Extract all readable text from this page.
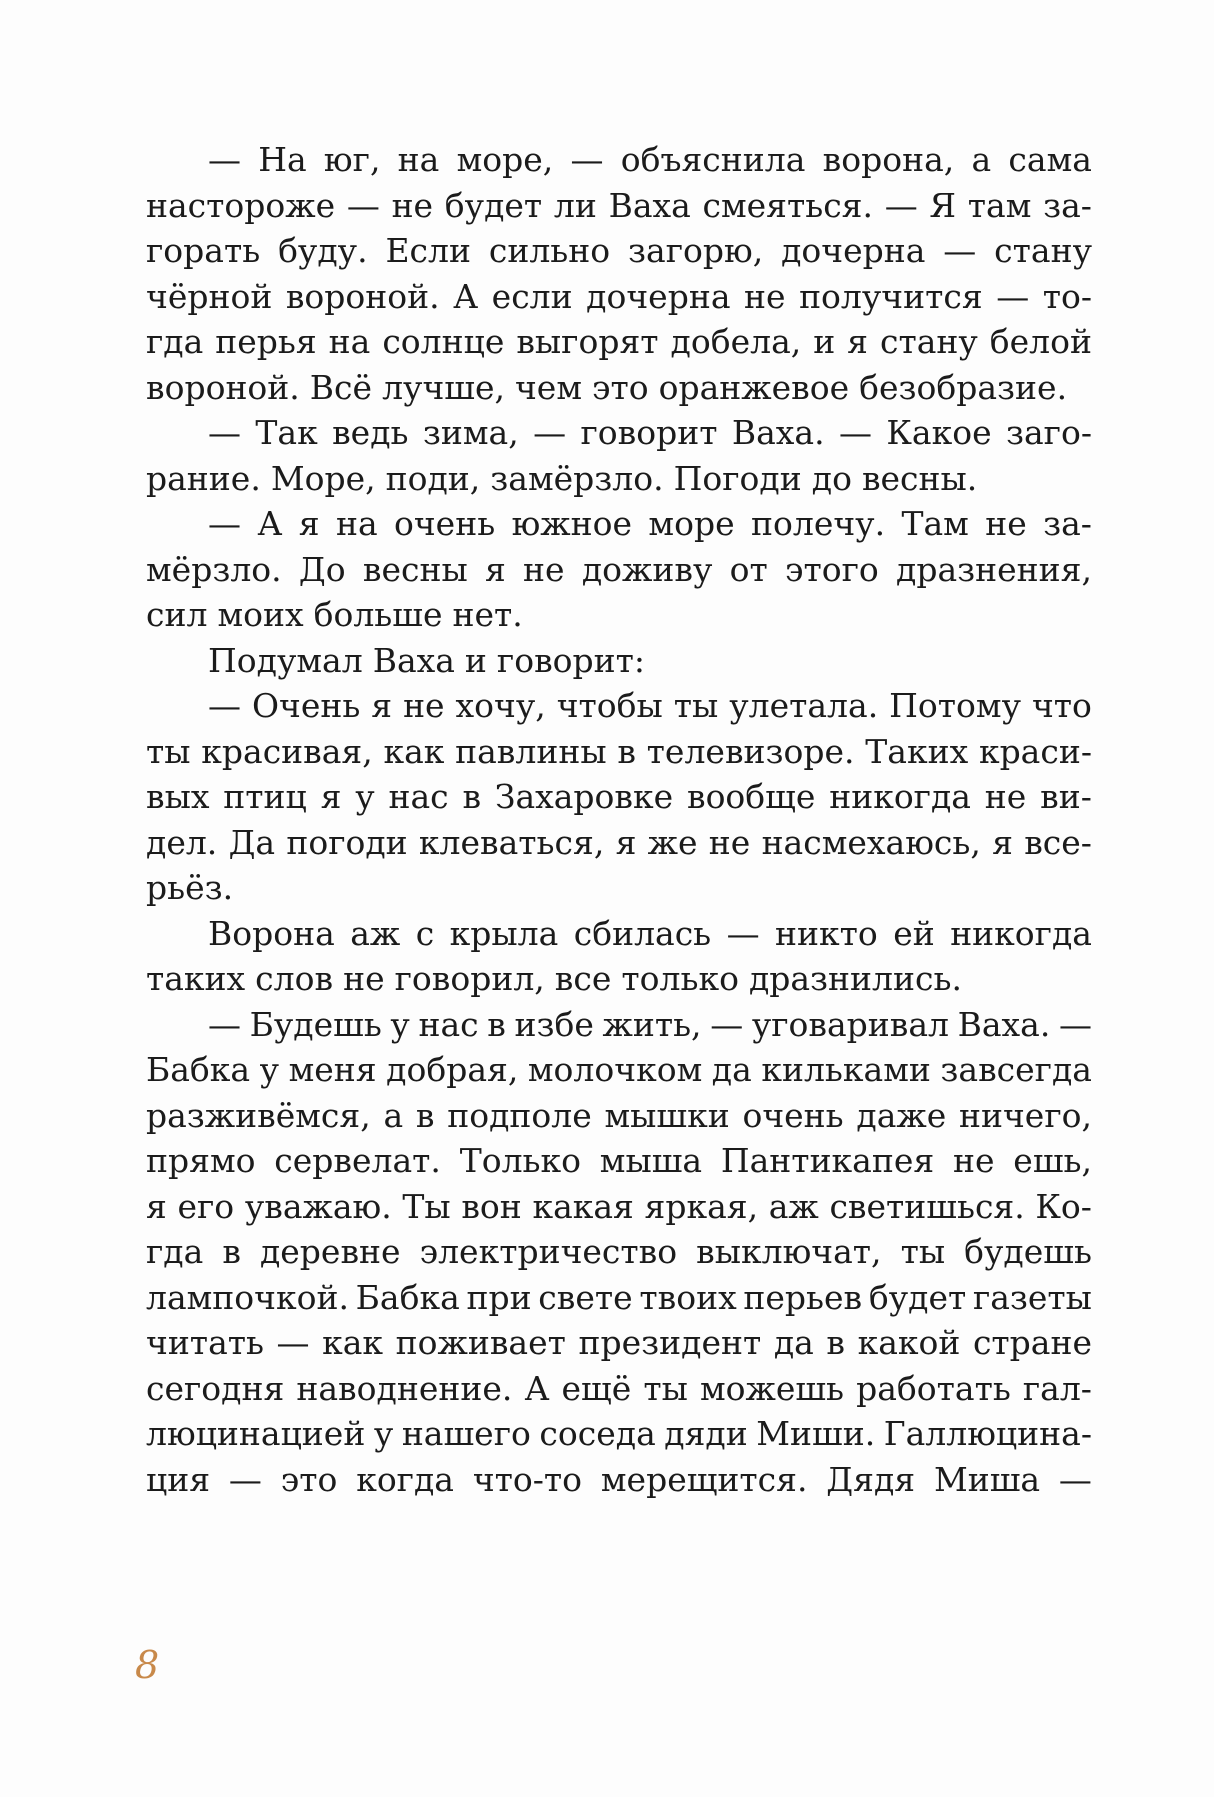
— На юг, на море, — объяснила ворона, а сама
настороже — не будет ли Ваха смеяться. — Я там за-
горать буду. Если сильно загорю, дочерна — стану
чёрной вороной. А если дочерна не получится — то-
гда перья на солнце выгорят добела, и я стану белой
вороной. Всё лучше, чем это оранжевое безобразие.
— Так ведь зима, — говорит Ваха. — Какое заго-
рание. Море, поди, замёрзло. Погоди до весны.
— А я на очень южное море полечу. Там не за-
мёрзло. До весны я не доживу от этого дразнения,
сил моих больше нет.
Подумал Ваха и говорит:
— Очень я не хочу, чтобы ты улетала. Потому что
ты красивая, как павлины в телевизоре. Таких краси-
вых птиц я у нас в Захаровке вообще никогда не ви-
дел. Да погоди клеваться, я же не насмехаюсь, я все-
рьёз.
Ворона аж с крыла сбилась — никто ей никогда
таких слов не говорил, все только дразнились.
— Будешь у нас в избе жить, — уговаривал Ваха. —
Бабка у меня добрая, молочком да кильками завсегда
разживёмся, а в подполе мышки очень даже ничего,
прямо сервелат. Только мыша Пантикапея не ешь,
я его уважаю. Ты вон какая яркая, аж светишься. Ко-
гда в деревне электричество выключат, ты будешь
лампочкой. Бабка при свете твоих перьев будет газеты
читать — как поживает президент да в какой стране
сегодня наводнение. А ещё ты можешь работать гал-
люцинацией у нашего соседа дяди Миши. Галлюцина-
ция — это когда что-то мерещится. Дядя Миша —
8
